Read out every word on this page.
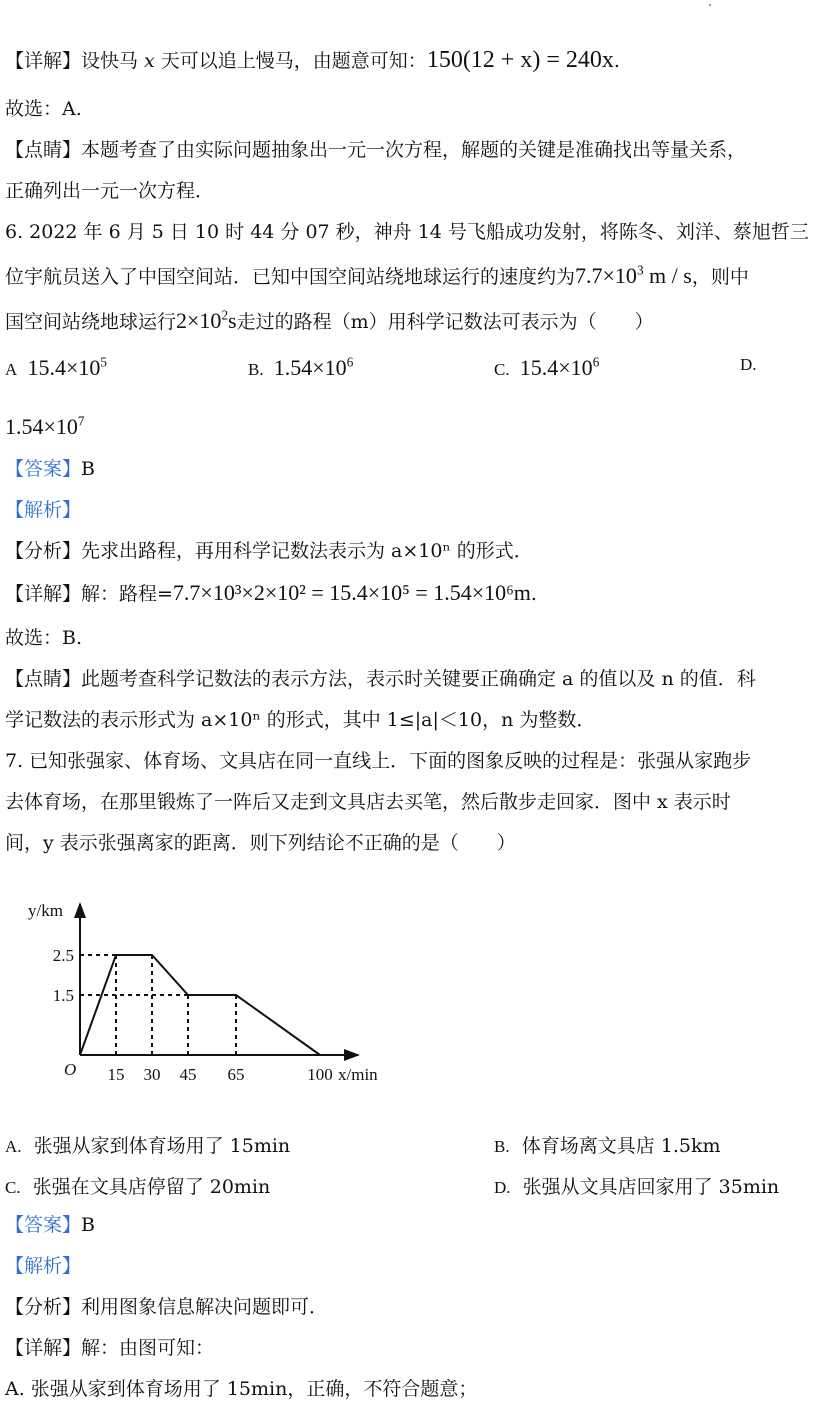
【详解】设快马 x 天可以追上慢马，由题意可知：150(12 + x) = 240x.
故选：A.
【点睛】本题考查了由实际问题抽象出一元一次方程，解题的关键是准确找出等量关系，
正确列出一元一次方程．
6. 2022 年 6 月 5 日 10 时 44 分 07 秒，神舟 14 号飞船成功发射，将陈冬、刘洋、蔡旭哲三
位宇航员送入了中国空间站．已知中国空间站绕地球运行的速度约为$7.7\times 10^3$ m / s，则中
国空间站绕地球运行$2\times 10^2s$走过的路程（m）用科学记数法可表示为（　　）
A $15.4\times 10^5$	B. $1.54\times 10^6$	C. $15.4\times 10^6$	D.
$1.54\times 10^7$
【答案】B
【解析】
【分析】先求出路程，再用科学记数法表示为 a×10ⁿ 的形式．
【详解】解：路程=7.7×10³×2×10² = 15.4×10⁵ = 1.54×10⁶m.
故选：B.
【点睛】此题考查科学记数法的表示方法，表示时关键要正确确定 a 的值以及 n 的值．科
学记数法的表示形式为 a×10ⁿ 的形式，其中 1≤|a|＜10，n 为整数．
7. 已知张强家、体育场、文具店在同一直线上．下面的图象反映的过程是：张强从家跑步
去体育场，在那里锻炼了一阵后又走到文具店去买笔，然后散步走回家．图中 x 表示时
间，y 表示张强离家的距离．则下列结论不正确的是（　　）
y/km
x/min
O 15 30 45 65	100
2.5
1.5
A. 张强从家到体育场用了 15min	B. 体育场离文具店 1.5km
C. 张强在文具店停留了 20min	D. 张强从文具店回家用了 35min
【答案】B
【解析】
【分析】利用图象信息解决问题即可．
【详解】解：由图可知：
A. 张强从家到体育场用了 15min，正确，不符合题意；
